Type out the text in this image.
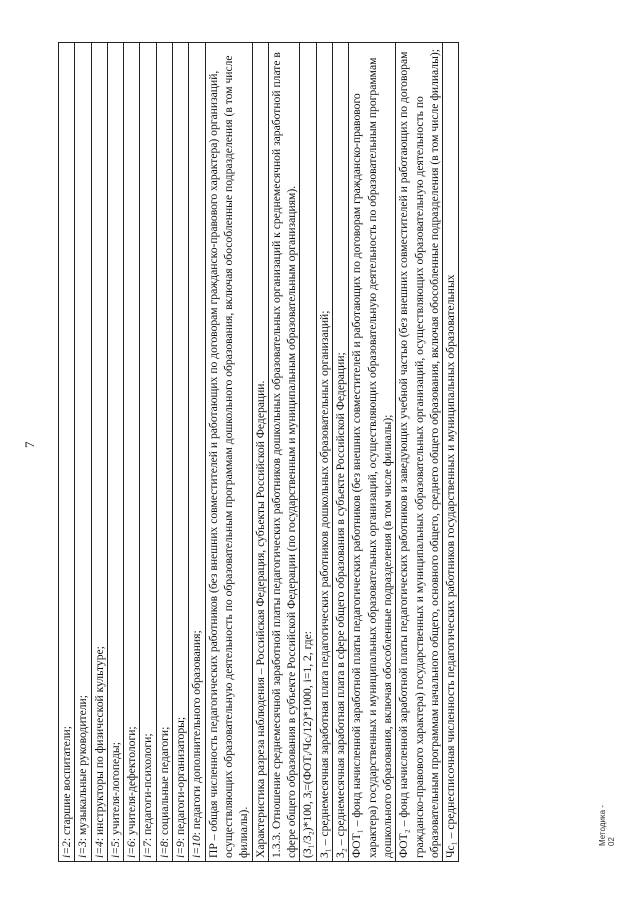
7
i=2: старшие воспитатели;
i=3: музыкальные руководители;
i=4: инструкторы по физической культуре;
i=5: учителя-логопеды;
i=6: учителя-дефектологи;
i=7: педагоги-психологи;
i=8: социальные педагоги;
i=9: педагоги-организаторы;
i=10: педагоги дополнительного образования;
ПР – общая численность педагогических работников (без внешних совместителей и работающих по договорам гражданско-правового характера) организаций, осуществляющих образовательную деятельность по образовательным программам дошкольного образования, включая обособленные подразделения (в том числе филиалы).
Характеристика разреза наблюдения – Российская Федерация, субъекты Российской Федерации.
1.3.3. Отношение среднемесячной заработной платы педагогических работников дошкольных образовательных организаций к среднемесячной заработной плате в сфере общего образования в субъекте Российской Федерации (по государственным и муниципальным образовательным организациям).
(З₁/З₂)*100, Зᵢ=(ФОТᵢ/Чсᵢ/12)*1000, i=1, 2, где:
З₁ – среднемесячная заработная плата педагогических работников дошкольных образовательных организаций;
З₂ – среднемесячная заработная плата в сфере общего образования в субъекте Российской Федерации;
ФОТ₁ – фонд начисленной заработной платы педагогических работников (без внешних совместителей и работающих по договорам гражданско-правового характера) государственных и муниципальных образовательных организаций, осуществляющих образовательную деятельность по образовательным программам дошкольного образования, включая обособленные подразделения (в том числе филиалы);
ФОТ₂ – фонд начисленной заработной платы педагогических работников и заведующих учебной частью (без внешних совместителей и работающих по договорам гражданско-правового характера) государственных и муниципальных образовательных организаций, осуществляющих образовательную деятельность по образовательным программам начального общего, основного общего, среднего общего образования, включая обособленные подразделения (в том числе филиалы);
Чс₁ – среднесписочная численность педагогических работников государственных и муниципальных образовательных	Методика - 02
